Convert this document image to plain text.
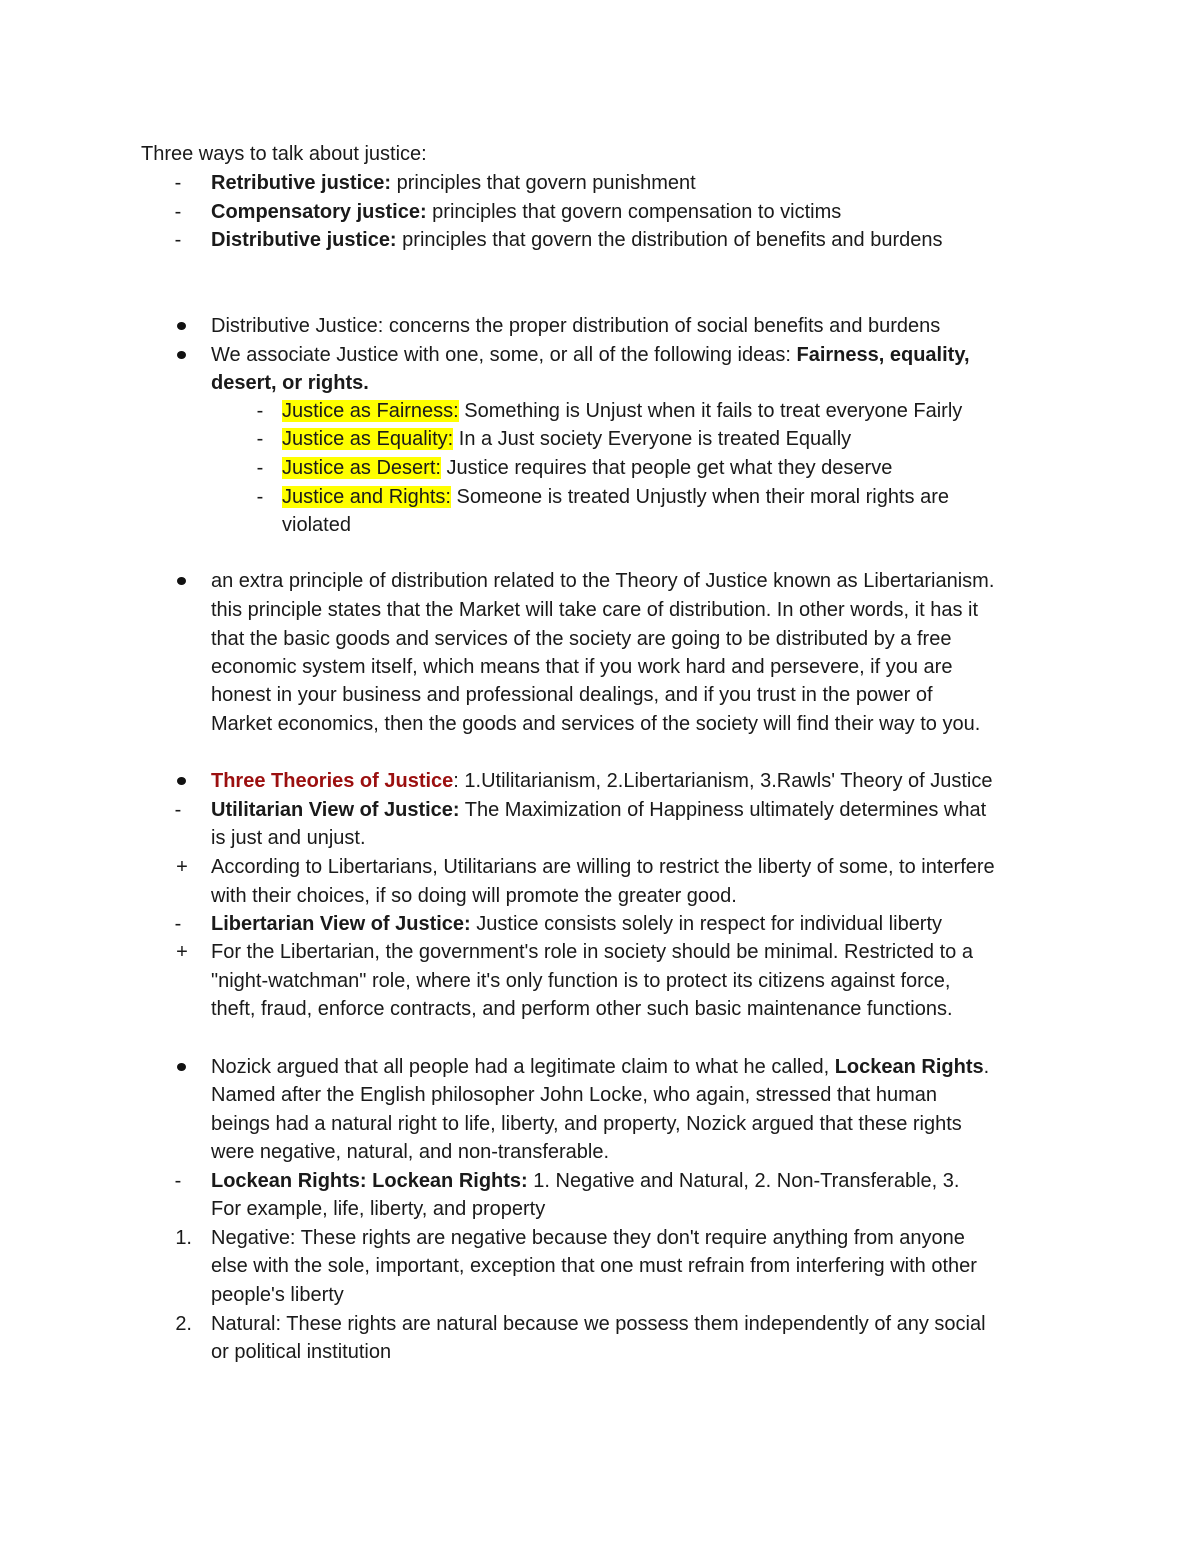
Three ways to talk about justice:
-	Retributive justice: principles that govern punishment
-	Compensatory justice: principles that govern compensation to victims
-	Distributive justice: principles that govern the distribution of benefits and burdens
Distributive Justice: concerns the proper distribution of social benefits and burdens
We associate Justice with one, some, or all of the following ideas: Fairness, equality,
desert, or rights.
- Justice as Fairness: Something is Unjust when it fails to treat everyone Fairly
- Justice as Equality: In a Just society Everyone is treated Equally
- Justice as Desert: Justice requires that people get what they deserve
- Justice and Rights: Someone is treated Unjustly when their moral rights are
violated
an extra principle of distribution related to the Theory of Justice known as Libertarianism.
this principle states that the Market will take care of distribution. In other words, it has it
that the basic goods and services of the society are going to be distributed by a free
economic system itself, which means that if you work hard and persevere, if you are
honest in your business and professional dealings, and if you trust in the power of
Market economics, then the goods and services of the society will find their way to you.
Three Theories of Justice: 1.Utilitarianism, 2.Libertarianism, 3.Rawls' Theory of Justice
-	Utilitarian View of Justice: The Maximization of Happiness ultimately determines what
is just and unjust.
+ According to Libertarians, Utilitarians are willing to restrict the liberty of some, to interfere
with their choices, if so doing will promote the greater good.
-	Libertarian View of Justice: Justice consists solely in respect for individual liberty
+ For the Libertarian, the government's role in society should be minimal. Restricted to a
"night-watchman" role, where it's only function is to protect its citizens against force,
theft, fraud, enforce contracts, and perform other such basic maintenance functions.
Nozick argued that all people had a legitimate claim to what he called, Lockean Rights.
Named after the English philosopher John Locke, who again, stressed that human
beings had a natural right to life, liberty, and property, Nozick argued that these rights
were negative, natural, and non-transferable.
-	Lockean Rights: Lockean Rights: 1. Negative and Natural, 2. Non-Transferable, 3.
For example, life, liberty, and property
1. Negative: These rights are negative because they don't require anything from anyone
else with the sole, important, exception that one must refrain from interfering with other
people's liberty
2. Natural: These rights are natural because we possess them independently of any social
or political institution
